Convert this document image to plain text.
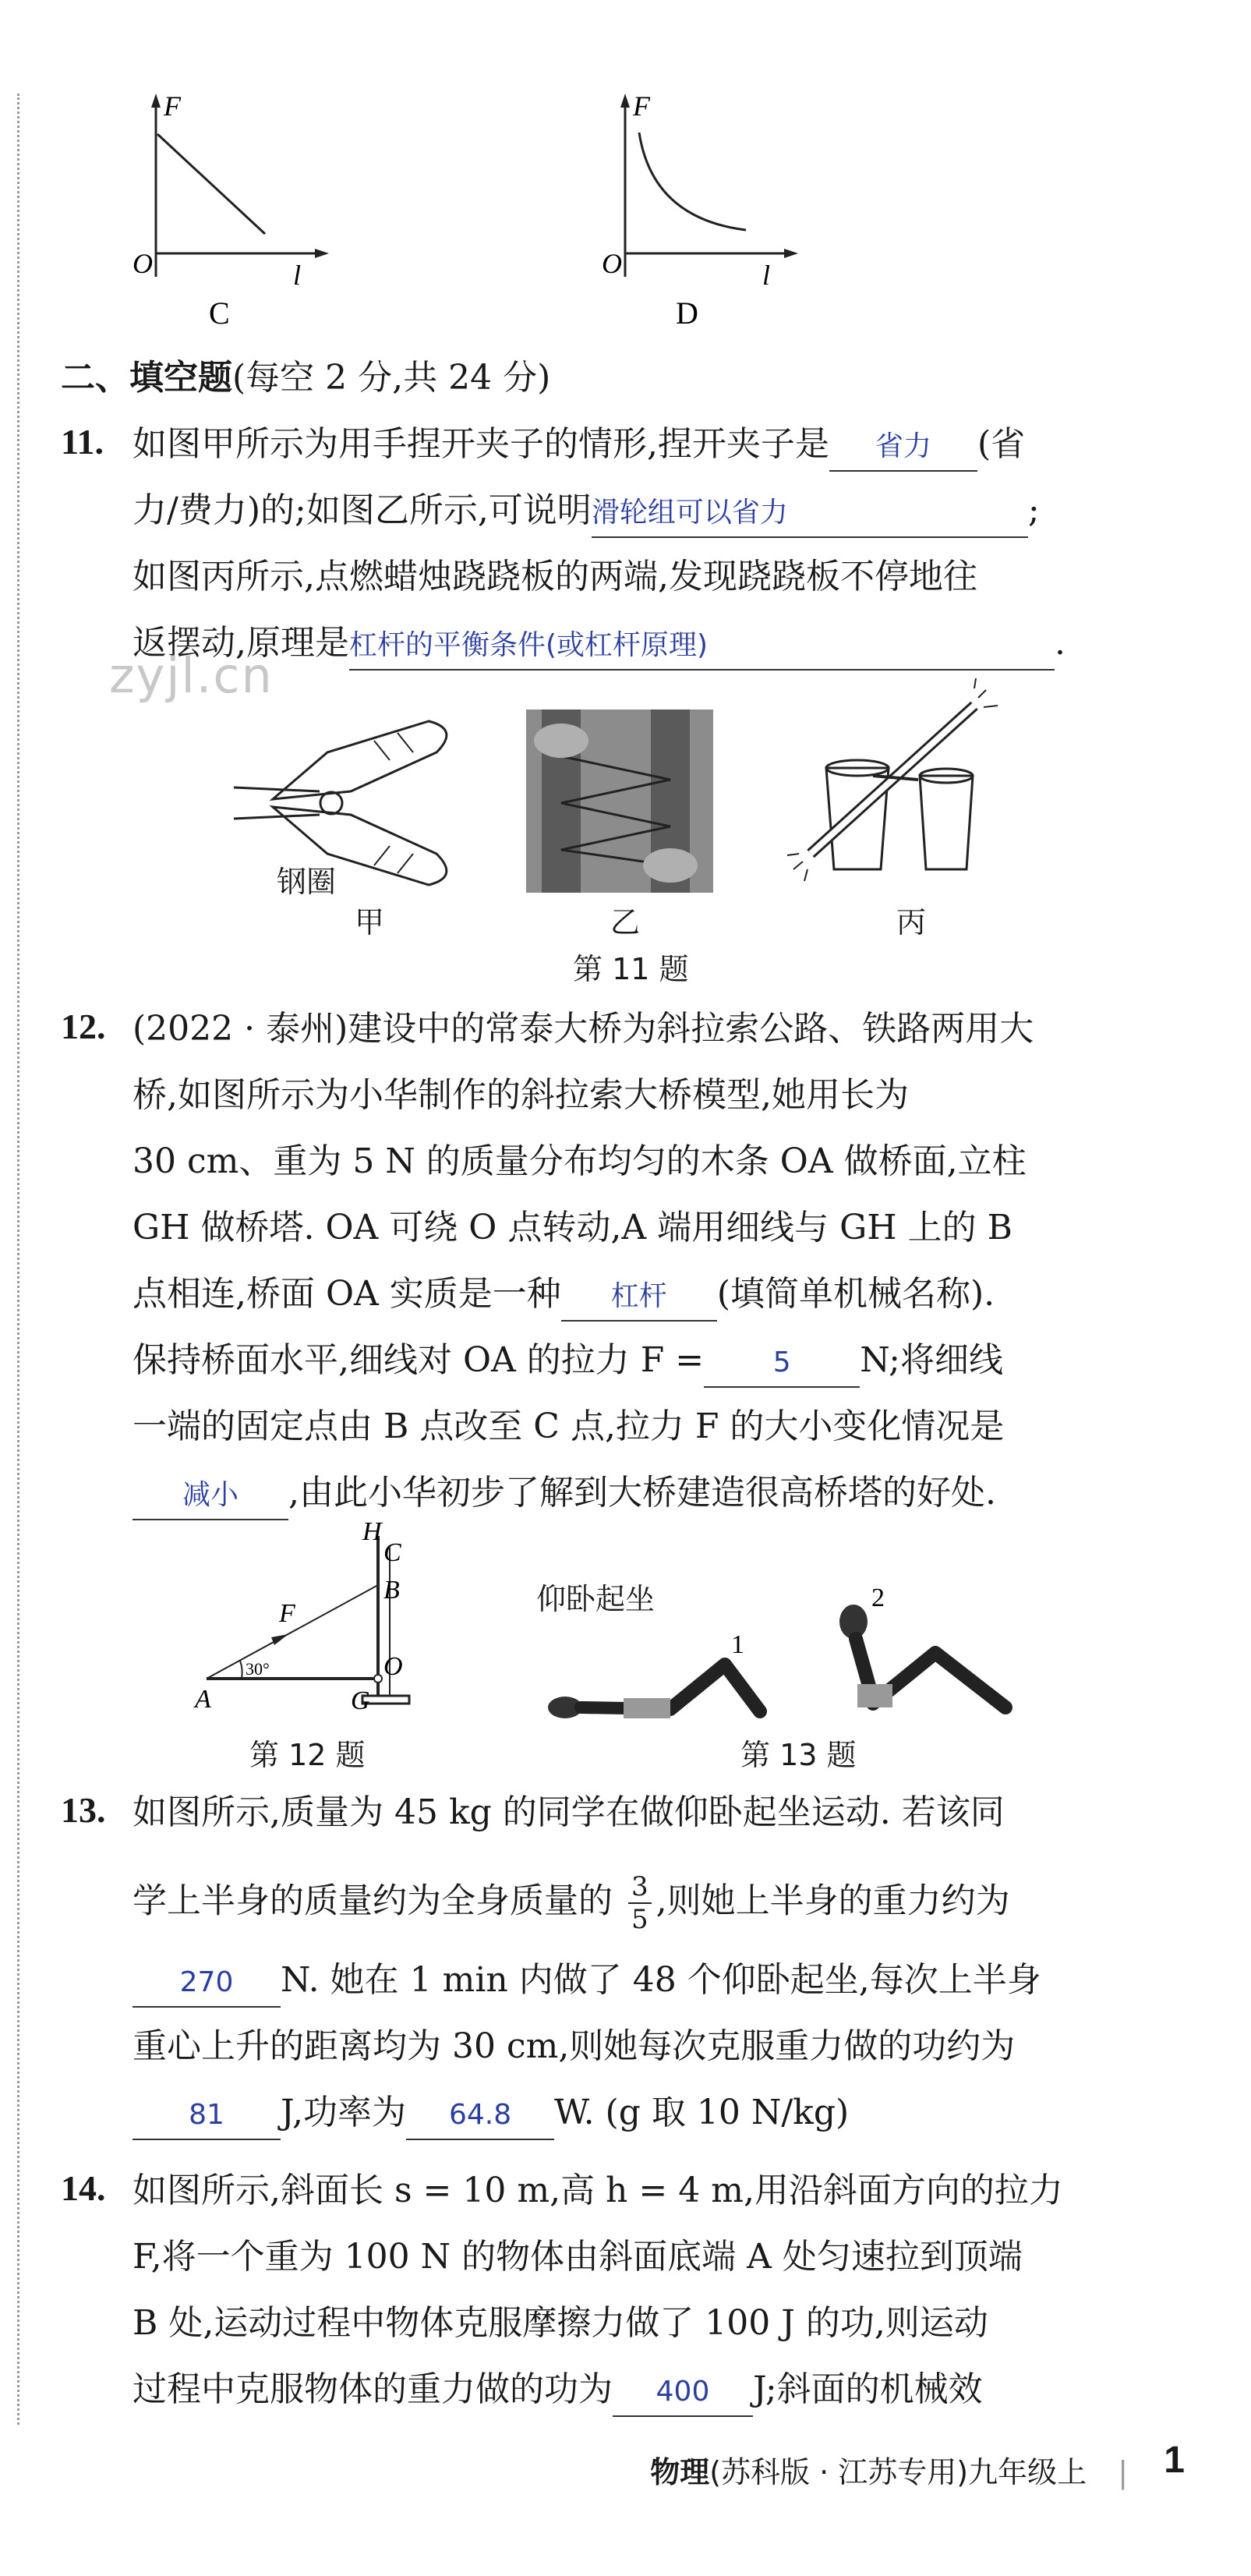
F
O	l
C
F
O	l
D
二、填空题(每空 2 分,共 24 分)
11. 如图甲所示为用手捏开夹子的情形,捏开夹子是 省力 (省
力/费力)的;如图乙所示,可说明滑轮组可以省力	;
如图丙所示,点燃蜡烛跷跷板的两端,发现跷跷板不停地往
返摆动,原理是杠杆的平衡条件(或杠杆原理)	.
zyjl.cn
钢圈
甲	乙	丙
第 11 题
12. (2022 · 泰州)建设中的常泰大桥为斜拉索公路、铁路两用大
桥,如图所示为小华制作的斜拉索大桥模型,她用长为
30 cm、重为 5 N 的质量分布均匀的木条 OA 做桥面,立柱
GH 做桥塔. OA 可绕 O 点转动,A 端用细线与 GH 上的 B
点相连,桥面 OA 实质是一种 杠杆 (填简单机械名称).
保持桥面水平,细线对 OA 的拉力 F = 5 N;将细线
一端的固定点由 B 点改至 C 点,拉力 F 的大小变化情况是
减小 ,由此小华初步了解到大桥建造很高桥塔的好处.
H
C
B
F
O
A	G
30°
第 12 题
仰卧起坐
1
2
第 13 题
13. 如图所示,质量为 45 kg 的同学在做仰卧起坐运动. 若该同
学上半身的质量约为全身质量的 $\frac{3}{5}$ ,则她上半身的重力约为
270 N. 她在 1 min 内做了 48 个仰卧起坐,每次上半身
重心上升的距离均为 30 cm,则她每次克服重力做的功约为
81 J,功率为 64.8 W. (g 取 10 N/kg)
14. 如图所示,斜面长 s = 10 m,高 h = 4 m,用沿斜面方向的拉力
F,将一个重为 100 N 的物体由斜面底端 A 处匀速拉到顶端
B 处,运动过程中物体克服摩擦力做了 100 J 的功,则运动
过程中克服物体的重力做的功为 400 J;斜面的机械效
物理(苏科版 · 江苏专用)九年级上 | 1
